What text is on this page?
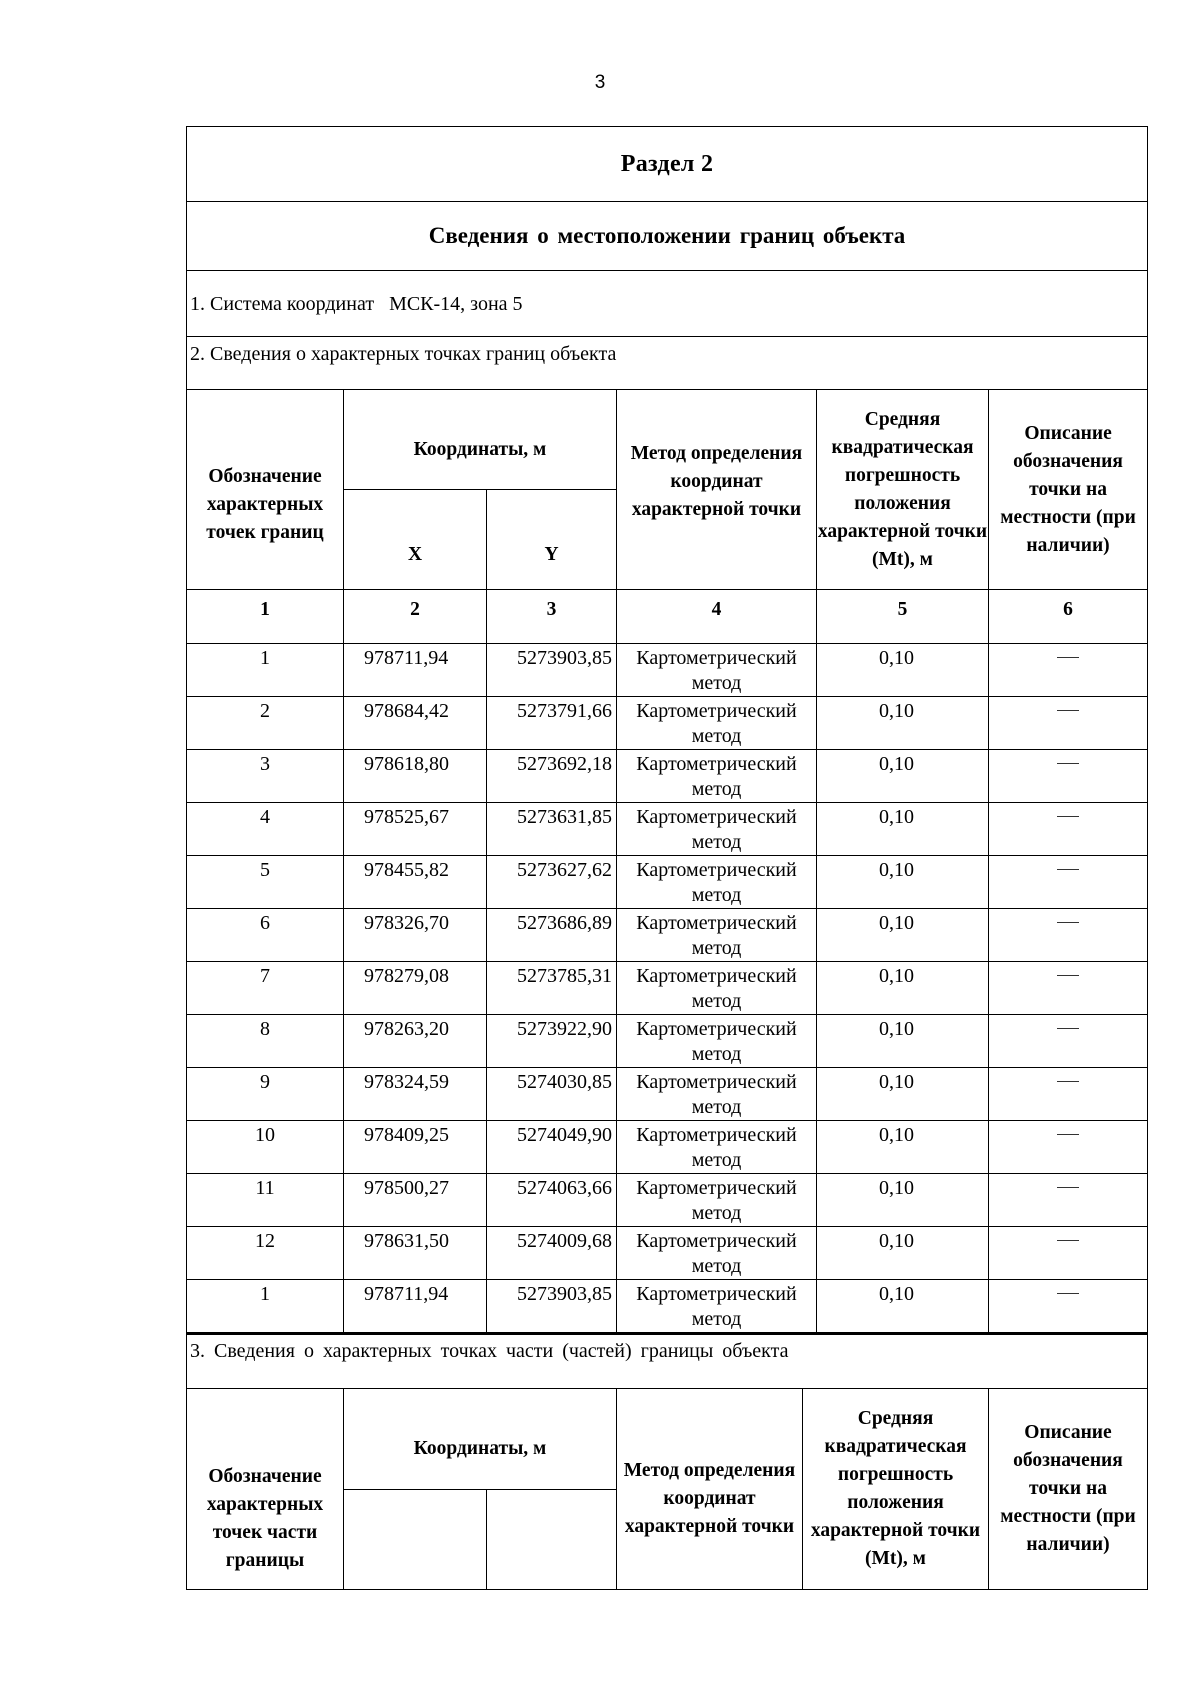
3
Раздел 2					
Сведения о местоположении границ объекта					
1. Система координат МСК-14, зона 5					
2. Сведения о характерных точках границ объекта					
Обозначение характерных точек границ	Координаты, м		Метод определения координат характерной точки	Средняя квадратическая погрешность положения характерной точки (Mt), м	Описание обозначения точки на местности (при наличии)
	X	Y			
1	2	3	4	5	6
1	978711,94	5273903,85	Картометрический метод	0,10	
2	978684,42	5273791,66	Картометрический метод	0,10	
3	978618,80	5273692,18	Картометрический метод	0,10	
4	978525,67	5273631,85	Картометрический метод	0,10	
5	978455,82	5273627,62	Картометрический метод	0,10	
6	978326,70	5273686,89	Картометрический метод	0,10	
7	978279,08	5273785,31	Картометрический метод	0,10	
8	978263,20	5273922,90	Картометрический метод	0,10	
9	978324,59	5274030,85	Картометрический метод	0,10	
10	978409,25	5274049,90	Картометрический метод	0,10	
11	978500,27	5274063,66	Картометрический метод	0,10	
12	978631,50	5274009,68	Картометрический метод	0,10	
1	978711,94	5273903,85	Картометрический метод	0,10	
3. Сведения о характерных точках части (частей) границы объекта					
Обозначение характерных точек части границы	Координаты, м		Метод определения координат характерной точки	Средняя квадратическая погрешность положения характерной точки (Mt), м	Описание обозначения точки на местности (при наличии)
